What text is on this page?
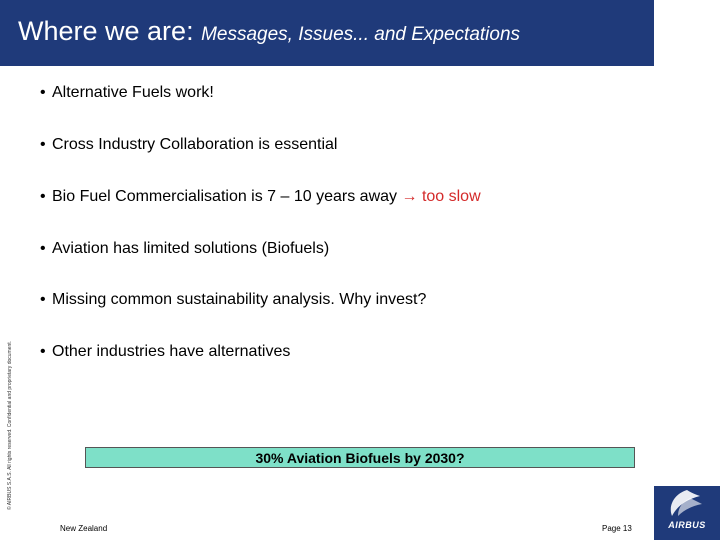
Where we are: Messages, Issues... and Expectations
• Alternative Fuels work!
• Cross Industry Collaboration is essential
• Bio Fuel Commercialisation is 7 – 10 years away → too slow
• Aviation has limited solutions (Biofuels)
• Missing common sustainability analysis. Why invest?
• Other industries have alternatives
© AIRBUS S.A.S. All rights reserved. Confidential and proprietary document.	30% Aviation Biofuels by 2030?
New Zealand	Page 13	AIRBUS
